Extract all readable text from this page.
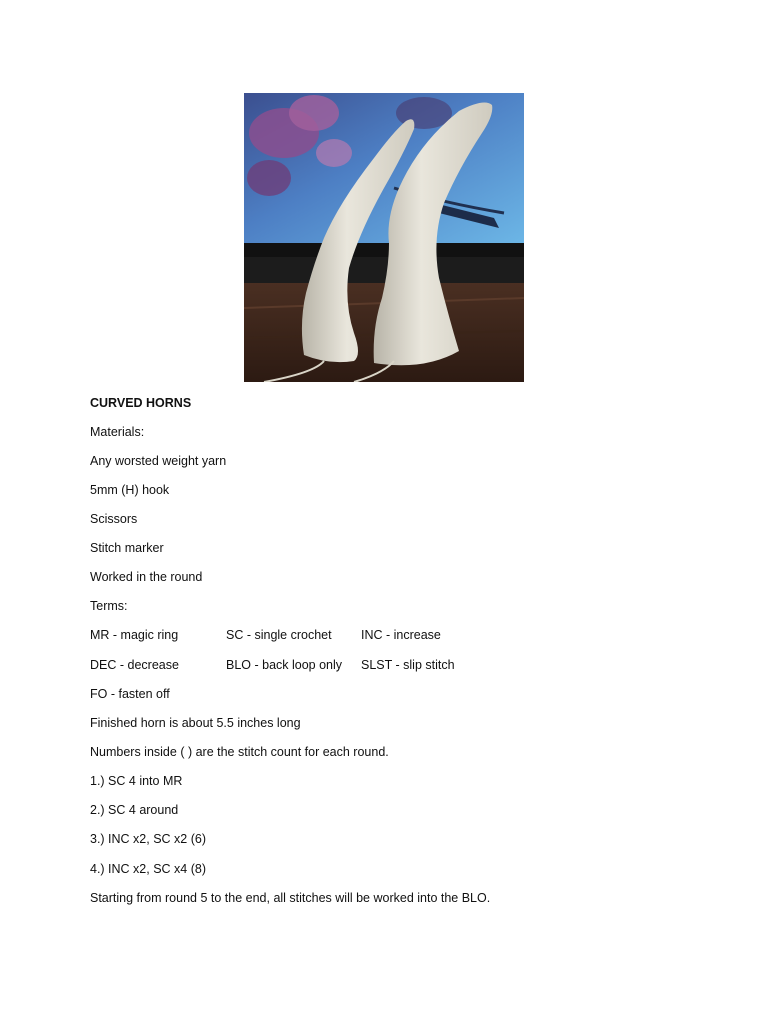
CURVED HORNS
Materials:
Any worsted weight yarn
5mm (H) hook
Scissors
Stitch marker
Worked in the round
Terms:
MR - magic ring	SC - single crochet INC - increase
DEC - decrease	BLO - back loop only SLST - slip stitch
FO - fasten off
Finished horn is about 5.5 inches long
Numbers inside ( ) are the stitch count for each round.
1.) SC 4 into MR
2.) SC 4 around
3.) INC x2, SC x2 (6)
4.) INC x2, SC x4 (8)
Starting from round 5 to the end, all stitches will be worked into the BLO.
